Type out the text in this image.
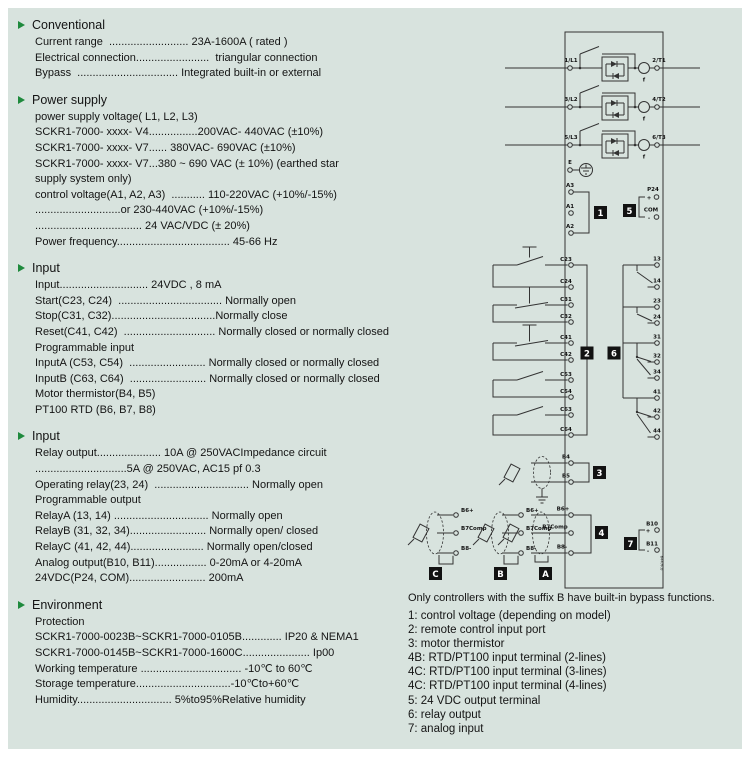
Conventional
Current range  .......................... 23A-1600A ( rated )
Electrical connection........................  triangular connection
Bypass  ................................. Integrated built-in or external
Power supply
power supply voltage( L1, L2, L3)
SCKR1-7000- xxxx- V4................200VAC- 440VAC (±10%)
SCKR1-7000- xxxx- V7...... 380VAC- 690VAC (±10%)
SCKR1-7000- xxxx- V7...380 ~ 690 VAC (± 10%) (earthed star
supply system only)
control voltage(A1, A2, A3)  ........... 110-220VAC (+10%/-15%)
............................or 230-440VAC (+10%/-15%)
................................... 24 VAC/VDC (± 20%)
Power frequency..................................... 45-66 Hz
Input
Input............................. 24VDC , 8 mA
Start(C23, C24)  .................................. Normally open
Stop(C31, C32)..................................Normally close
Reset(C41, C42)  .............................. Normally closed or normally closed
Programmable input
InputA (C53, C54)  ......................... Normally closed or normally closed
InputB (C63, C64)  ......................... Normally closed or normally closed
Motor thermistor(B4, B5)
PT100 RTD (B6, B7, B8)
Input
Relay output..................... 10A @ 250VACImpedance circuit
..............................5A @ 250VAC, AC15 pf 0.3
Operating relay(23, 24)  ............................... Normally open
Programmable output
RelayA (13, 14) ............................... Normally open
RelayB (31, 32, 34)......................... Normally open/ closed
RelayC (41, 42, 44)........................ Normally open/closed
Analog output(B10, B11)................. 0-20mA or 4-20mA
24VDC(P24, COM)......................... 200mA
Environment
Protection
SCKR1-7000-0023B~SCKR1-7000-0105B............. IP20 & NEMA1
SCKR1-7000-0145B~SCKR1-7000-1600C...................... Ip00
Working temperature ................................. -10℃ to 60℃
Storage temperature...............................-10℃to+60℃
Humidity............................... 5%to95%Relative humidity
1/L1	2/T1
f
3/L2	4/T2
f
5/L3	6/T3
f
E
A3
A1
A2
1
P24
+
COM
-
5
C23
C24
C31
C32
C41
C42
C53
C54
C63
C64
2 6
13
14
23
24
31
32
34
41
42
44
B4
B5	3
B6+
B7Comp
B8-
4
A
B6+
B7Comp
B8-
C
B6+
B7Comp
B8-
B
B10
+
B11
-
7
6447F.0
Only controllers with the suffix B have built-in bypass functions.
1: control voltage (depending on model)
2: remote control input port
3: motor thermistor
4B: RTD/PT100 input terminal (2-lines)
4C: RTD/PT100 input terminal (3-lines)
4C: RTD/PT100 input terminal (4-lines)
5: 24 VDC output terminal
6: relay output
7: analog input
